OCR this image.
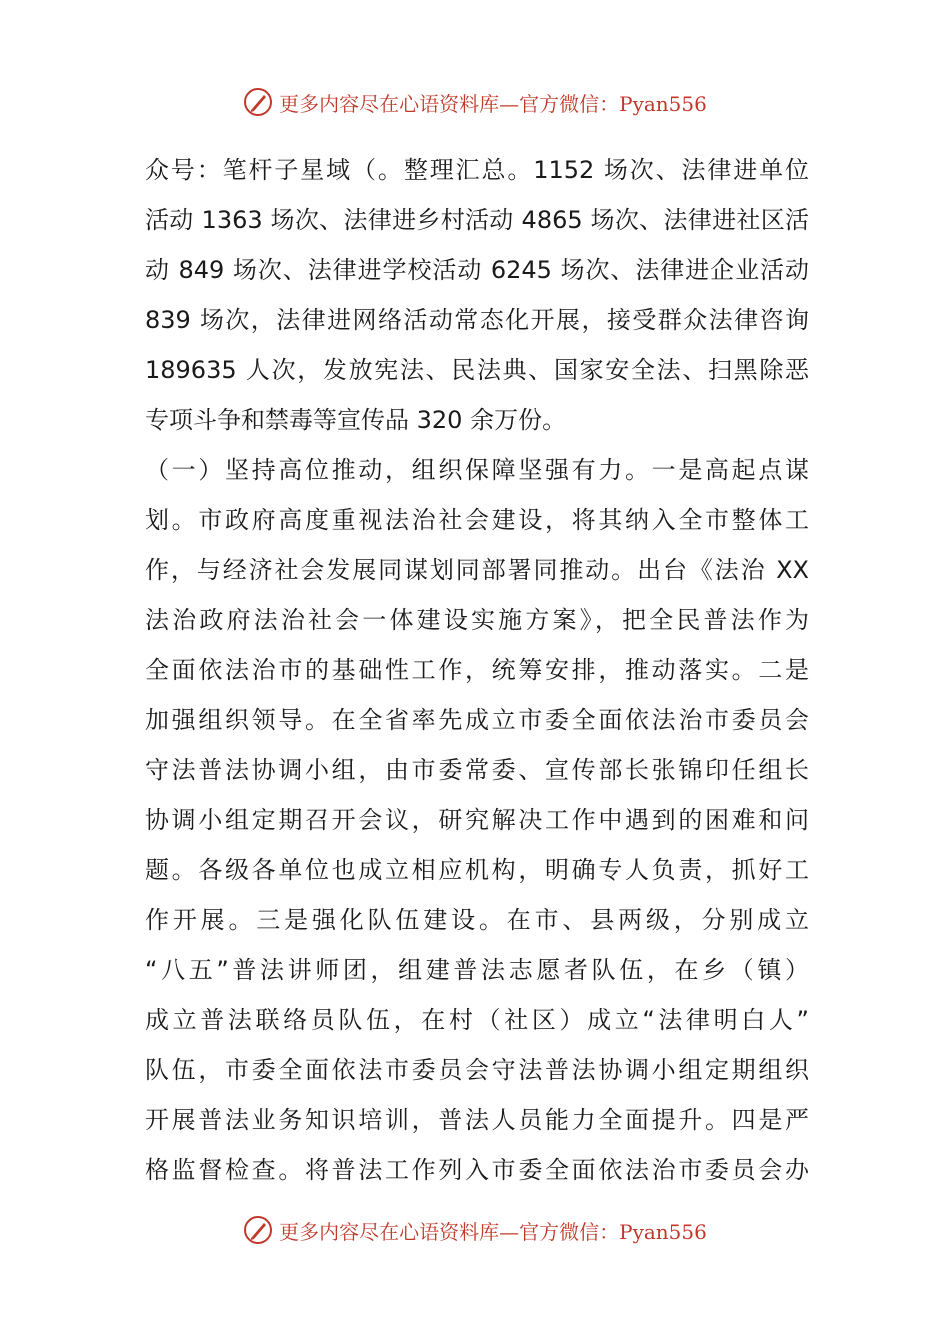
更多内容尽在心语资料库—官方微信：Pyan556
众号：笔杆子星域（。整理汇总。1152 场次、法律进单位
活动 1363 场次、法律进乡村活动 4865 场次、法律进社区活
动 849 场次、法律进学校活动 6245 场次、法律进企业活动
839 场次，法律进网络活动常态化开展，接受群众法律咨询
189635 人次，发放宪法、民法典、国家安全法、扫黑除恶
专项斗争和禁毒等宣传品 320 余万份。
（一）坚持高位推动，组织保障坚强有力。一是高起点谋
划。市政府高度重视法治社会建设，将其纳入全市整体工
作，与经济社会发展同谋划同部署同推动。出台《法治 XX
法治政府法治社会一体建设实施方案》，把全民普法作为
全面依法治市的基础性工作，统筹安排，推动落实。二是
加强组织领导。在全省率先成立市委全面依法治市委员会
守法普法协调小组，由市委常委、宣传部长张锦印任组长
协调小组定期召开会议，研究解决工作中遇到的困难和问
题。各级各单位也成立相应机构，明确专人负责，抓好工
作开展。三是强化队伍建设。在市、县两级，分别成立
“八五”普法讲师团，组建普法志愿者队伍，在乡（镇）
成立普法联络员队伍，在村（社区）成立“法律明白人”
队伍，市委全面依法市委员会守法普法协调小组定期组织
开展普法业务知识培训，普法人员能力全面提升。四是严
格监督检查。将普法工作列入市委全面依法治市委员会办
更多内容尽在心语资料库—官方微信：Pyan556
